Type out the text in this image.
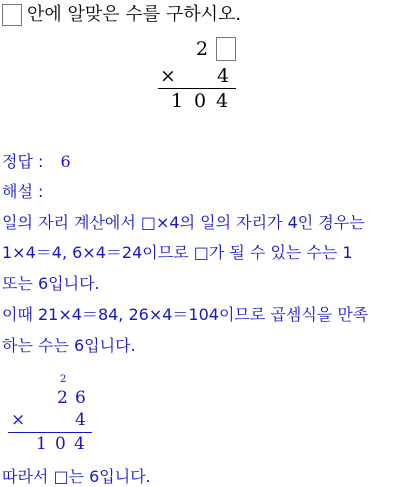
안에 알맞은 수를 구하시오.
2
× 4
1 0 4
정답 : 6
해설 :
일의 자리 계산에서 □×4의 일의 자리가 4인 경우는
1×4＝4, 6×4＝24이므로 □가 될 수 있는 수는 1
또는 6입니다.
이때 21×4＝84, 26×4＝104이므로 곱셈식을 만족
하는 수는 6입니다.
2
2 6
×	4
1 0 4
따라서 □는 6입니다.
